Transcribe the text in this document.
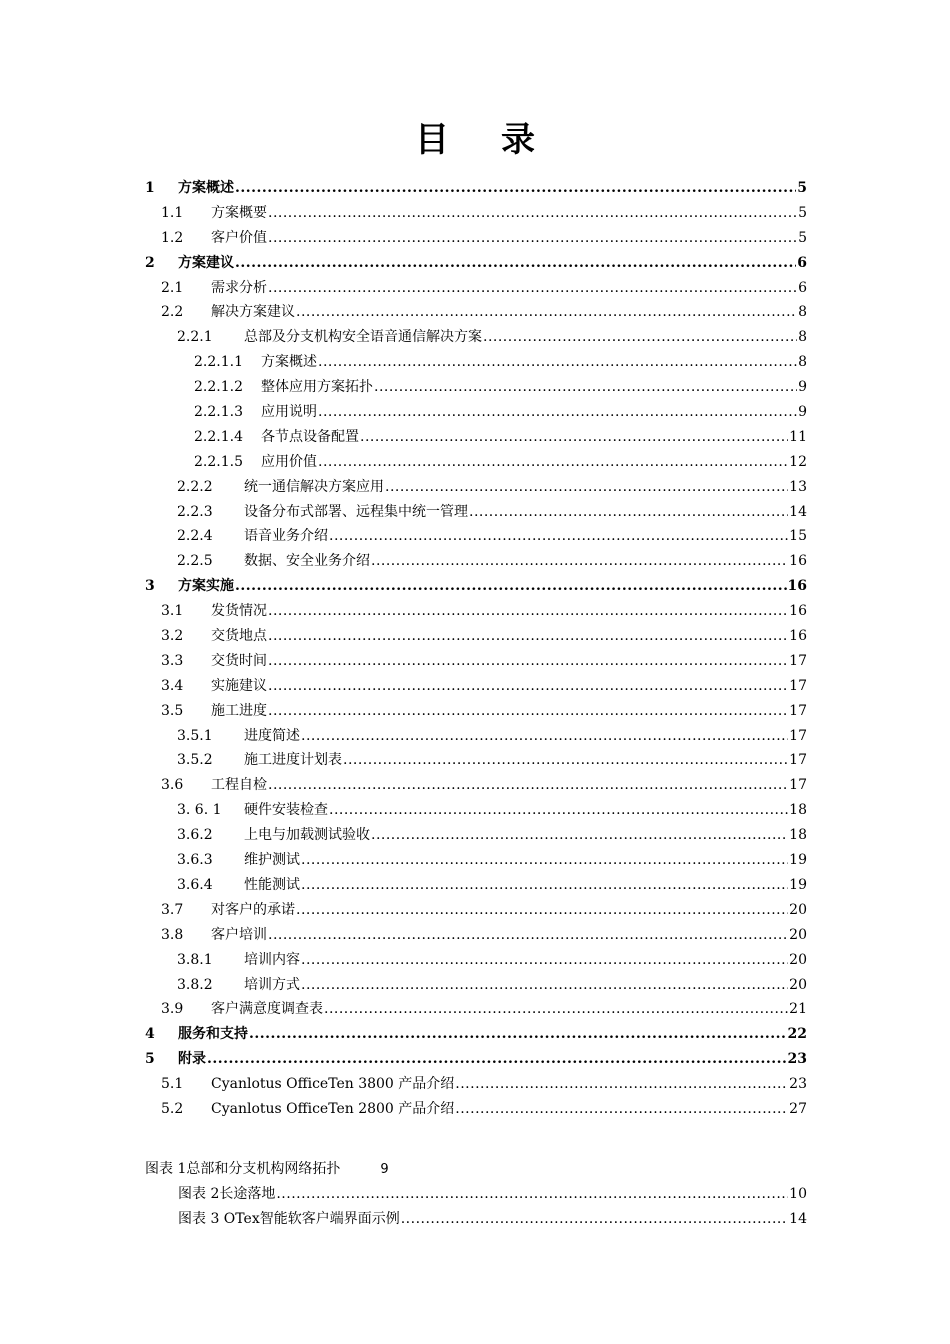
目 录
1	方案概述 .....	5
1.1	方案概要 .....	5
1.2	客户价值 .....	5
2	方案建议 .....	6
2.1	需求分析 .....	6
2.2	解决方案建议 .....	8
2.2.1	总部及分支机构安全语音通信解决方案 .....	8
2.2.1.1	方案概述 .....	8
2.2.1.2	整体应用方案拓扑 .....	9
2.2.1.3	应用说明 .....	9
2.2.1.4	各节点设备配置 .....	11
2.2.1.5	应用价值 .....	12
2.2.2	统一通信解决方案应用 .....	13
2.2.3	设备分布式部署、远程集中统一管理 .....	14
2.2.4	语音业务介绍 .....	15
2.2.5	数据、安全业务介绍 .....	16
3	方案实施 .....	16
3.1	发货情况 .....	16
3.2	交货地点 .....	16
3.3	交货时间 .....	17
3.4	实施建议 .....	17
3.5	施工进度 .....	17
3.5.1	进度简述 .....	17
3.5.2	施工进度计划表 .....	17
3.6	工程自检 .....	17
3. 6. 1	硬件安装检查 .....	18
3.6.2	上电与加载测试验收 .....	18
3.6.3	维护测试 .....	19
3.6.4	性能测试 .....	19
3.7	对客户的承诺 .....	20
3.8	客户培训 .....	20
3.8.1	培训内容 .....	20
3.8.2	培训方式 .....	20
3.9	客户满意度调查表 .....	21
4	服务和支持 .....	22
5	附录 .....	23
5.1	Cyanlotus OfficeTen 3800 产品介绍 .....	23
5.2	Cyanlotus OfficeTen 2800 产品介绍 .....	27
图表 1总部和分支机构网络拓扑	9
图表 2长途落地 .....	10
图表 3 OTex智能软客户端界面示例 .....	14
